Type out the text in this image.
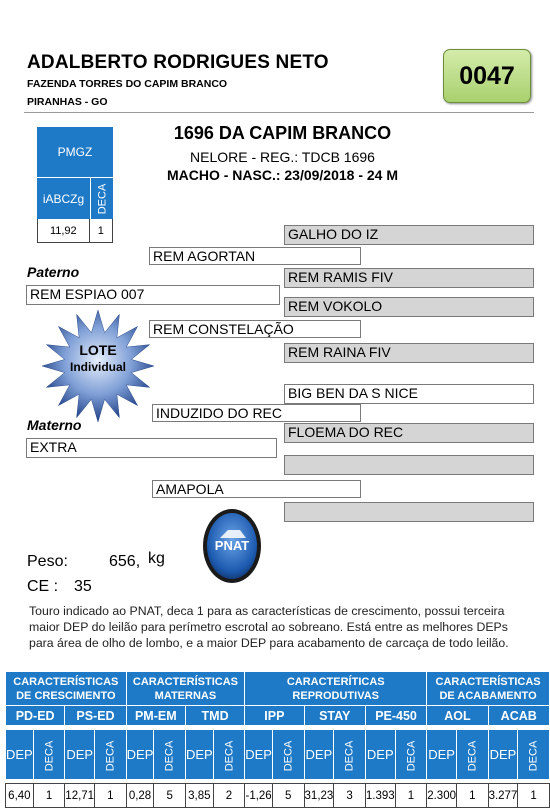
ADALBERTO RODRIGUES NETO
FAZENDA TORRES DO CAPIM BRANCO
PIRANHAS - GO
0047
PMGZ
iABCZg	DECA
11,92	1
1696 DA CAPIM BRANCO
NELORE - REG.: TDCB 1696
MACHO - NASC.: 23/09/2018 - 24 M
Paterno
Materno
REM ESPIAO 007
REM AGORTAN
REM CONSTELAÇÃO
GALHO DO IZ
REM RAMIS FIV
REM VOKOLO
REM RAINA FIV
EXTRA
INDUZIDO DO REC
AMAPOLA
BIG BEN DA S NICE
FLOEMA DO REC
LOTE
Individual
PNAT
Peso:	656, kg
CE : 35
Touro indicado ao PNAT, deca 1 para as características de crescimento, possui terceira maior DEP do leilão para perímetro escrotal ao sobreano. Está entre as melhores DEPs para área de olho de lombo, e a maior DEP para acabamento de carcaça de todo leilão.
CARACTERÍSTICAS DE CRESCIMENTO				CARACTERÍSTICAS MATERNAS				CARACTERÍTICAS REPRODUTIVAS						CARACTERÍSTICAS DE ACABAMENTO			
PD-ED		PS-ED		PM-EM		TMD		IPP		STAY		PE-450		AOL		ACAB	

DEP	DECA	DEP	DECA	DEP	DECA	DEP	DECA	DEP	DECA	DEP	DECA	DEP	DECA	DEP	DECA	DEP	DECA

6,40	1	12,71	1	0,28	5	3,85	2	-1,26	5	31,23	3	1.393	1	2.300	1	3.277	1
